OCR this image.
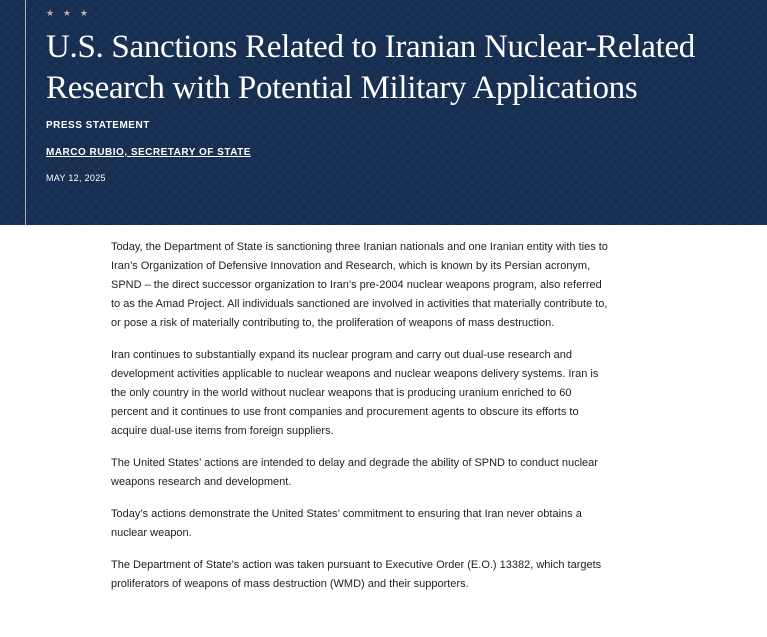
★ ★ ★
U.S. Sanctions Related to Iranian Nuclear-Related Research with Potential Military Applications

PRESS STATEMENT

MARCO RUBIO, SECRETARY OF STATE

MAY 12, 2025

Today, the Department of State is sanctioning three Iranian nationals and one Iranian entity with ties to Iran’s Organization of Defensive Innovation and Research, which is known by its Persian acronym, SPND – the direct successor organization to Iran’s pre-2004 nuclear weapons program, also referred to as the Amad Project. All individuals sanctioned are involved in activities that materially contribute to, or pose a risk of materially contributing to, the proliferation of weapons of mass destruction.

Iran continues to substantially expand its nuclear program and carry out dual-use research and development activities applicable to nuclear weapons and nuclear weapons delivery systems. Iran is the only country in the world without nuclear weapons that is producing uranium enriched to 60 percent and it continues to use front companies and procurement agents to obscure its efforts to acquire dual-use items from foreign suppliers.

The United States’ actions are intended to delay and degrade the ability of SPND to conduct nuclear weapons research and development.

Today’s actions demonstrate the United States’ commitment to ensuring that Iran never obtains a nuclear weapon.

The Department of State’s action was taken pursuant to Executive Order (E.O.) 13382, which targets proliferators of weapons of mass destruction (WMD) and their supporters.
